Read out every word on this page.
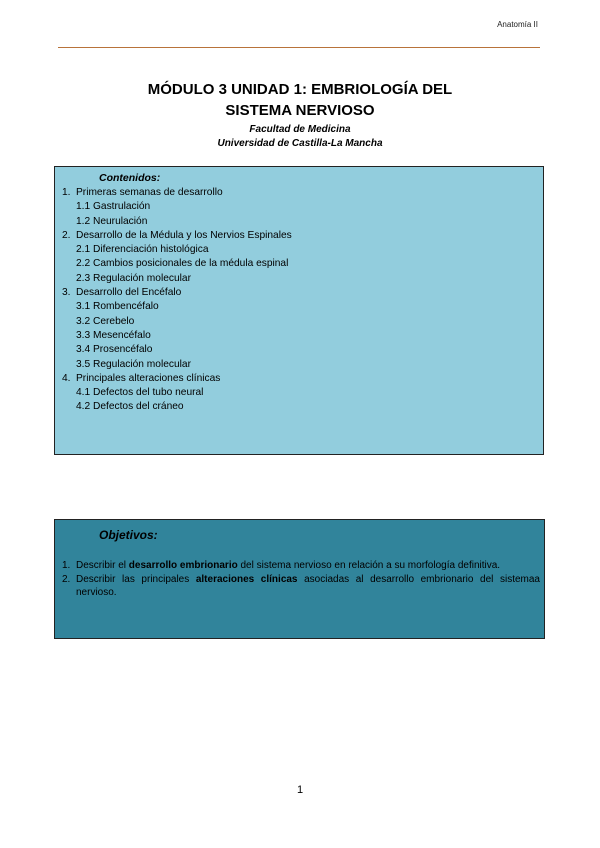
Anatomía II
MÓDULO 3 UNIDAD 1: EMBRIOLOGÍA DEL
SISTEMA NERVIOSO
Facultad de Medicina
Universidad de Castilla-La Mancha
Contenidos:
1. Primeras semanas de desarrollo
1.1 Gastrulación
1.2 Neurulación
2. Desarrollo de la Médula y los Nervios Espinales
2.1 Diferenciación histológica
2.2 Cambios posicionales de la médula espinal
2.3 Regulación molecular
3. Desarrollo del Encéfalo
3.1 Rombencéfalo
3.2 Cerebelo
3.3 Mesencéfalo
3.4 Prosencéfalo
3.5 Regulación molecular
4. Principales alteraciones clínicas
4.1 Defectos del tubo neural
4.2 Defectos del cráneo
Objetivos:
1. Describir el desarrollo embrionario del sistema nervioso en relación a su morfología definitiva.
2. Describir las principales alteraciones clínicas asociadas al desarrollo embrionario del sistemaa nervioso.
1
